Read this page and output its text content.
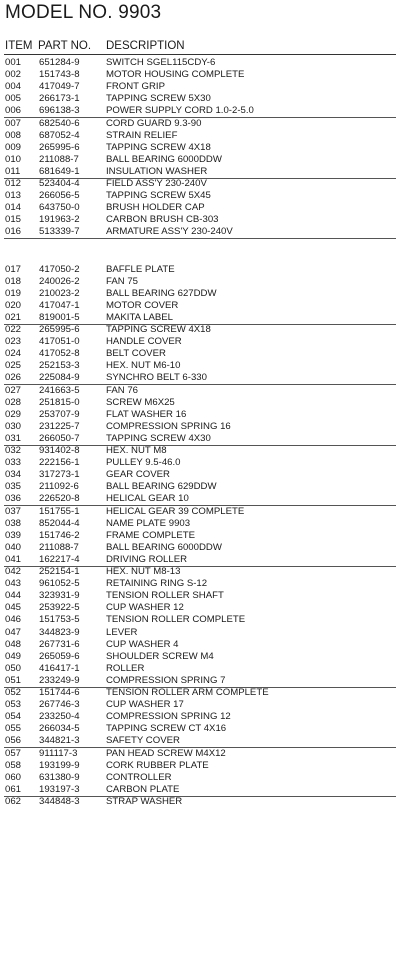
MODEL NO. 9903
ITEM PART NO. DESCRIPTION
001 651284-9	SWITCH SGEL115CDY-6
002 151743-8	MOTOR HOUSING COMPLETE
004 417049-7	FRONT GRIP
005 266173-1	TAPPING SCREW 5X30
006 696138-3	POWER SUPPLY CORD 1.0-2-5.0
007 682540-6	CORD GUARD 9.3-90
008 687052-4	STRAIN RELIEF
009 265995-6	TAPPING SCREW 4X18
010 211088-7	BALL BEARING 6000DDW
011 681649-1	INSULATION WASHER
012 523404-4	FIELD ASS'Y 230-240V
013 266056-5	TAPPING SCREW 5X45
014 643750-0	BRUSH HOLDER CAP
015 191963-2	CARBON BRUSH CB-303
016 513339-7	ARMATURE ASS'Y 230-240V
017 417050-2	BAFFLE PLATE
018 240026-2	FAN 75
019 210023-2	BALL BEARING 627DDW
020 417047-1	MOTOR COVER
021 819001-5	MAKITA LABEL
022 265995-6	TAPPING SCREW 4X18
023 417051-0	HANDLE COVER
024 417052-8	BELT COVER
025 252153-3	HEX. NUT M6-10
026 225084-9	SYNCHRO BELT 6-330
027 241663-5	FAN 76
028 251815-0	SCREW M6X25
029 253707-9	FLAT WASHER 16
030 231225-7	COMPRESSION SPRING 16
031 266050-7	TAPPING SCREW 4X30
032 931402-8	HEX. NUT M8
033 222156-1	PULLEY 9.5-46.0
034 317273-1	GEAR COVER
035 211092-6	BALL BEARING 629DDW
036 226520-8	HELICAL GEAR 10
037 151755-1	HELICAL GEAR 39 COMPLETE
038 852044-4	NAME PLATE 9903
039 151746-2	FRAME COMPLETE
040 211088-7	BALL BEARING 6000DDW
041 162217-4	DRIVING ROLLER
042 252154-1	HEX. NUT M8-13
043 961052-5	RETAINING RING S-12
044 323931-9	TENSION ROLLER SHAFT
045 253922-5	CUP WASHER 12
046 151753-5	TENSION ROLLER COMPLETE
047 344823-9	LEVER
048 267731-6	CUP WASHER 4
049 265059-6	SHOULDER SCREW M4
050 416417-1	ROLLER
051 233249-9	COMPRESSION SPRING 7
052 151744-6	TENSION ROLLER ARM COMPLETE
053 267746-3	CUP WASHER 17
054 233250-4	COMPRESSION SPRING 12
055 266034-5	TAPPING SCREW CT 4X16
056 344821-3	SAFETY COVER
057 911117-3	PAN HEAD SCREW M4X12
058 193199-9	CORK RUBBER PLATE
060 631380-9	CONTROLLER
061 193197-3	CARBON PLATE
062 344848-3	STRAP WASHER
